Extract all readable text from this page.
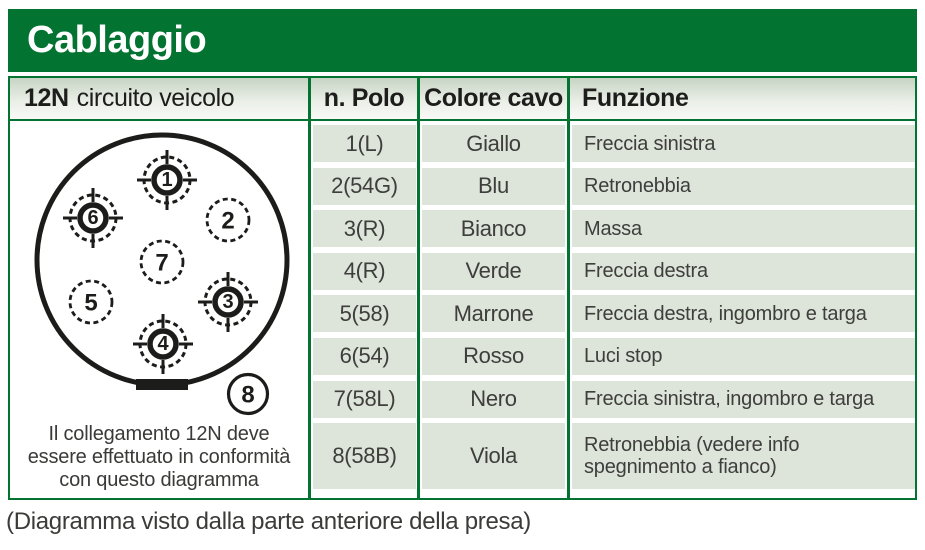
Cablaggio
12N circuito veicolo	n. Polo Colore cavo Funzione
1
2
6
7
5	3
4
8
Il collegamento 12N deve
essere effettuato in conformità
con questo diagramma
1(L)
2(54G)
3(R)
4(R)
5(58)
6(54)
7(58L)
8(58B)
Giallo
Blu
Bianco
Verde
Marrone
Rosso
Nero
Viola
Freccia sinistra
Retronebbia
Massa
Freccia destra
Freccia destra, ingombro e targa
Luci stop
Freccia sinistra, ingombro e targa
Retronebbia (vedere info spegnimento a fianco)
(Diagramma visto dalla parte anteriore della presa)
